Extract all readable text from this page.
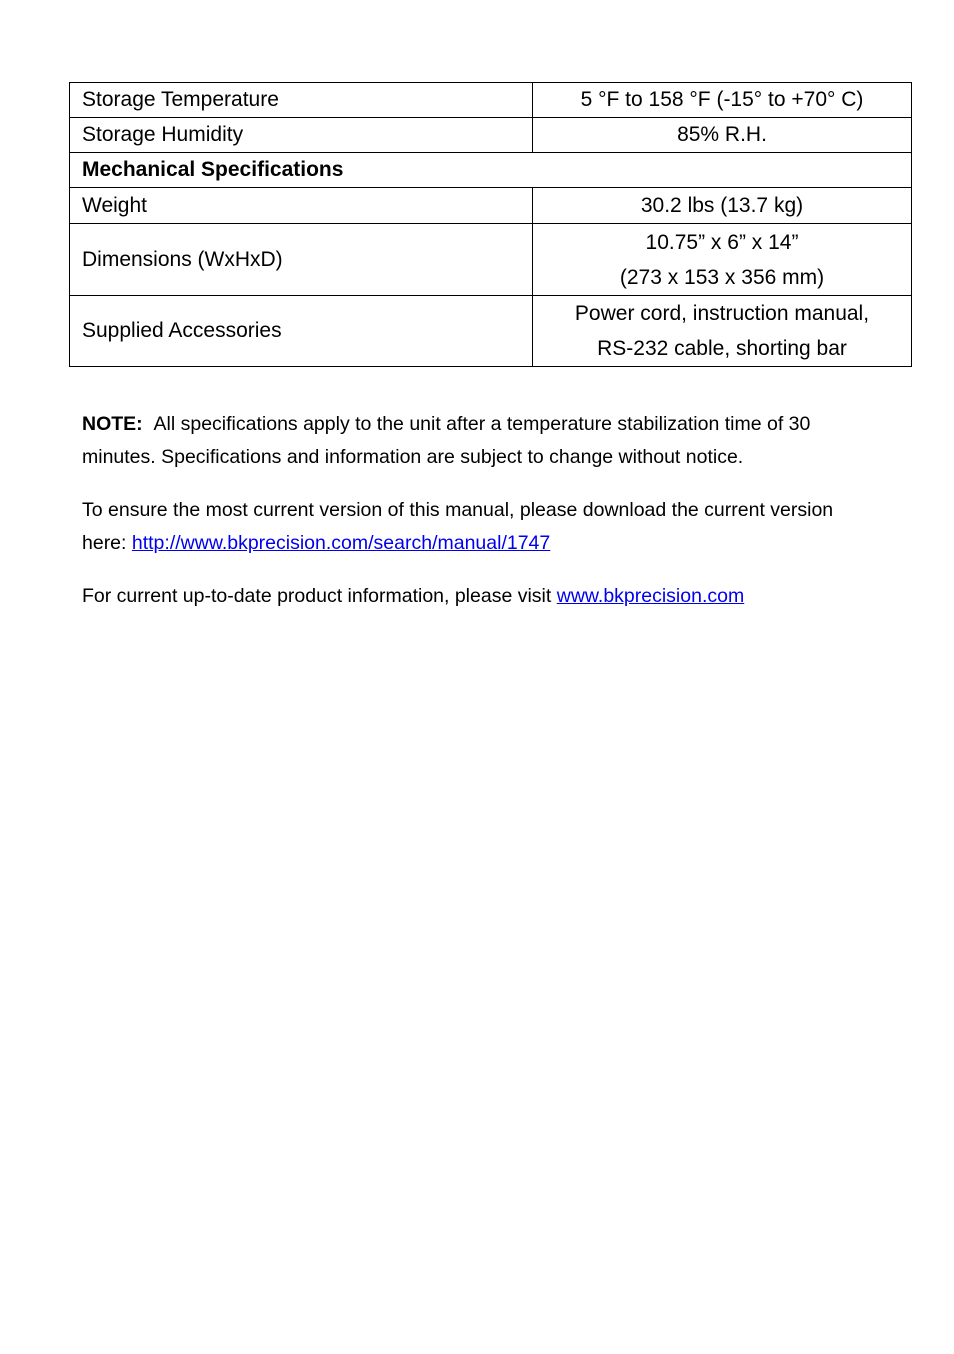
Storage Temperature	5 °F to 158 °F (-15° to +70° C)
Storage Humidity	85% R.H.
Mechanical Specifications	
Weight	30.2 lbs (13.7 kg)
Dimensions (WxHxD)	10.75” x 6” x 14”
(273 x 153 x 356 mm)

Supplied Accessories	Power cord, instruction manual,
RS-232 cable, shorting bar

NOTE: All specifications apply to the unit after a temperature stabilization time of 30 minutes. Specifications and information are subject to change without notice.

To ensure the most current version of this manual, please download the current version here: http://www.bkprecision.com/search/manual/1747

For current up-to-date product information, please visit www.bkprecision.com
